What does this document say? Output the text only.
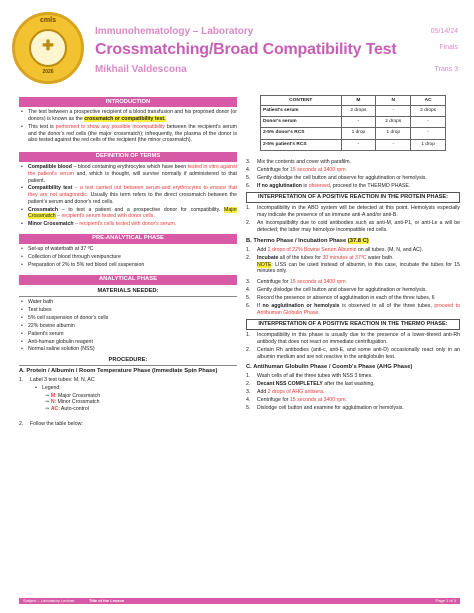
cmls
✚
2026
Immunohematology – Laboratory
Crossmatching/Broad Compatibility Test
Mikhail Valdescona
05/14/24
Finals
Trans 3
INTRODUCTION
• The test between a prospective recipient of a blood transfusion and his proposed donor (or donors) is known as the crossmatch or compatibility test.
• This test is performed to show any possible incompatibility between the recipient's serum and the donor's red cells (the major crossmatch); infrequently, the plasma of the donor is also tested against the red cells of the recipient (the minor crossmatch).
DEFINITION OF TERMS
• Compatible blood – blood containing erythrocytes which have been tested in vitro against the patient's serum and, which is thought, will survive normally if administered to that patient.
• Compatibility test – a test carried out between serum-and erythrocytes to ensure that they are not antagonistic. Usually this term refers to the direct crossmatch between the patient's serum and donor's red cells.
• Crossmatch – to test a patient and a prospective donor for compatibility. Major Crossmatch – recipient's serum tested with donor cells.
• Minor Crossmatch – recipient's cells tested with donor's serum.
PRE-ANALYTICAL PHASE
• Set-up of waterbath at 37 ºC
• Collection of blood through venipuncture
• Preparation of 2% to 5% red blood cell suspension
ANALYTICAL PHASE
MATERIALS NEEDED:
• Water bath
• Test tubes
• 5% cell suspension of donor's cells
• 22% bovine albumin
• Patient's serum
• Anti-human globulin reagent
• Normal saline solution (NSS)
PROCEDURE:
A. Protein / Albumin / Room Temperature Phase (Immediate Spin Phase)
1. Label 3 test tubes: M, N, AC
• Legend:
⇒ M: Major Crossmatch
⇒ N: Minor Crossmatch
⇒ AC: Auto-control
2. Follow the table below:
CONTENT	M	N	AC
Patient's serum	2 drops	-	2 drops
Donor's serum	-	2 drops	-
2-5% donor's RCS	1 drop	1 drop	-
2-5% patient's RCS	-	-	1 drop
3. Mix the contents and cover with parafilm.
4. Centrifuge for 15 seconds at 3400 rpm.
5. Gently dislodge the cell button and observe for agglutination or hemolysis.
6. If no agglutination is observed, proceed to the THERMO PHASE.
INTERPRETATION OF A POSITIVE REACTION IN THE PROTEIN PHASE:
1. Incompatibility in the ABO system will be detected at this point. Hemolysis especially may indicate the presence of an immune anti-A and/or anti-B.
2. An incompatibility due to cold antibodies such as anti-M, anti-P1, or anti-Le a will be detected; the latter may hemolyze incompatible red cells.
B. Thermo Phase / Incubation Phase (37.8 C)
1. Add 2 drops of 22% Bovine Serum Albumin on all tubes. (M, N, and AC).
2. Incubate all of the tubes for 30 minutes at 37ºC water bath.
NOTE: LISS can be used instead of albumin, in this case, incubate the tubes for 15 minutes only.
3. Centrifuge for 15 seconds at 3400 rpm.
4. Gently dislodge the cell button and observe for agglutination or hemolysis.
5. Record the presence or absence of agglutination in each of the three tubes, 6
6. If no agglutination or hemolysis is observed in all of the three tubes, proceed to Antihuman Globulin Phase.
INTERPRETATION OF A POSITIVE REACTION IN THE THERMO PHASE:
1. Incompatibility in this phase is usually due to the presence of a lower-titered anti-Rh antibody that does not react on immediate centrifugation.
2. Certain Rh antibodies (anti-c, anti-E, and some anti-D) occasionally react only in an albumin medium and are not reactive in the antiglobulin test.
C. Antihuman Globulin Phase / Coomb's Phase (AHG Phase)
1. Wash cells of all the three tubes with NSS 3 times.
2. Decant NSS COMPLETELY after the last washing.
3. Add 2 drops of AHG antisera.
4. Centrifuge for 15 seconds at 3400 rpm.
5. Dislodge cell button and examine for agglutination or hemolysis.
Subject – Laboratory Lecture	Title of the Lesson	Page 1 of 3
